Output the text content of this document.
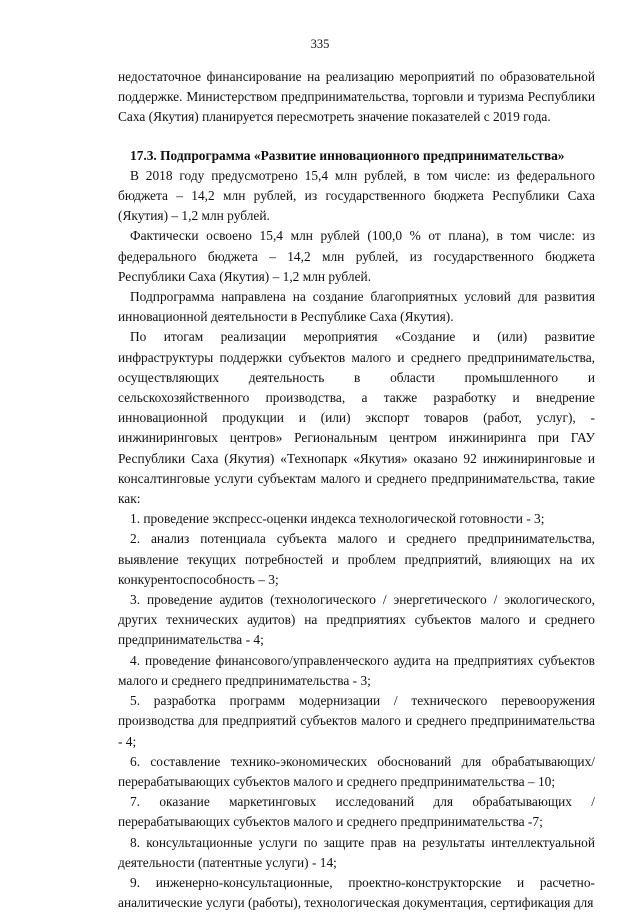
335

недостаточное финансирование на реализацию мероприятий по образовательной поддержке. Министерством предпринимательства, торговли и туризма Республики Саха (Якутия) планируется пересмотреть значение показателей с 2019 года.

17.3. Подпрограмма «Развитие инновационного предпринимательства»

В 2018 году предусмотрено 15,4 млн рублей, в том числе: из федерального бюджета – 14,2 млн рублей, из государственного бюджета Республики Саха (Якутия) – 1,2 млн рублей.

Фактически освоено 15,4 млн рублей (100,0 % от плана), в том числе: из федерального бюджета – 14,2 млн рублей, из государственного бюджета Республики Саха (Якутия) – 1,2 млн рублей.

Подпрограмма направлена на создание благоприятных условий для развития инновационной деятельности в Республике Саха (Якутия).

По итогам реализации мероприятия «Создание и (или) развитие инфраструктуры поддержки субъектов малого и среднего предпринимательства, осуществляющих деятельность в области промышленного и сельскохозяйственного производства, а также разработку и внедрение инновационной продукции и (или) экспорт товаров (работ, услуг), - инжиниринговых центров» Региональным центром инжиниринга при ГАУ Республики Саха (Якутия) «Технопарк «Якутия» оказано 92 инжиниринговые и консалтинговые услуги субъектам малого и среднего предпринимательства, такие как:

1. проведение экспресс-оценки индекса технологической готовности - 3;

2. анализ потенциала субъекта малого и среднего предпринимательства, выявление текущих потребностей и проблем предприятий, влияющих на их конкурентоспособность – 3;

3. проведение аудитов (технологического / энергетического / экологического, других технических аудитов) на предприятиях субъектов малого и среднего предпринимательства - 4;

4. проведение финансового/управленческого аудита на предприятиях субъектов малого и среднего предпринимательства - 3;

5. разработка программ модернизации / технического перевооружения производства для предприятий субъектов малого и среднего предпринимательства - 4;

6. составление технико-экономических обоснований для обрабатывающих/ перерабатывающих субъектов малого и среднего предпринимательства – 10;

7. оказание маркетинговых исследований для обрабатывающих / перерабатывающих субъектов малого и среднего предпринимательства -7;

8. консультационные услуги по защите прав на результаты интеллектуальной деятельности (патентные услуги) - 14;

9. инженерно-консультационные, проектно-конструкторские и расчетно-аналитические услуги (работы), технологическая документация, сертификация для
